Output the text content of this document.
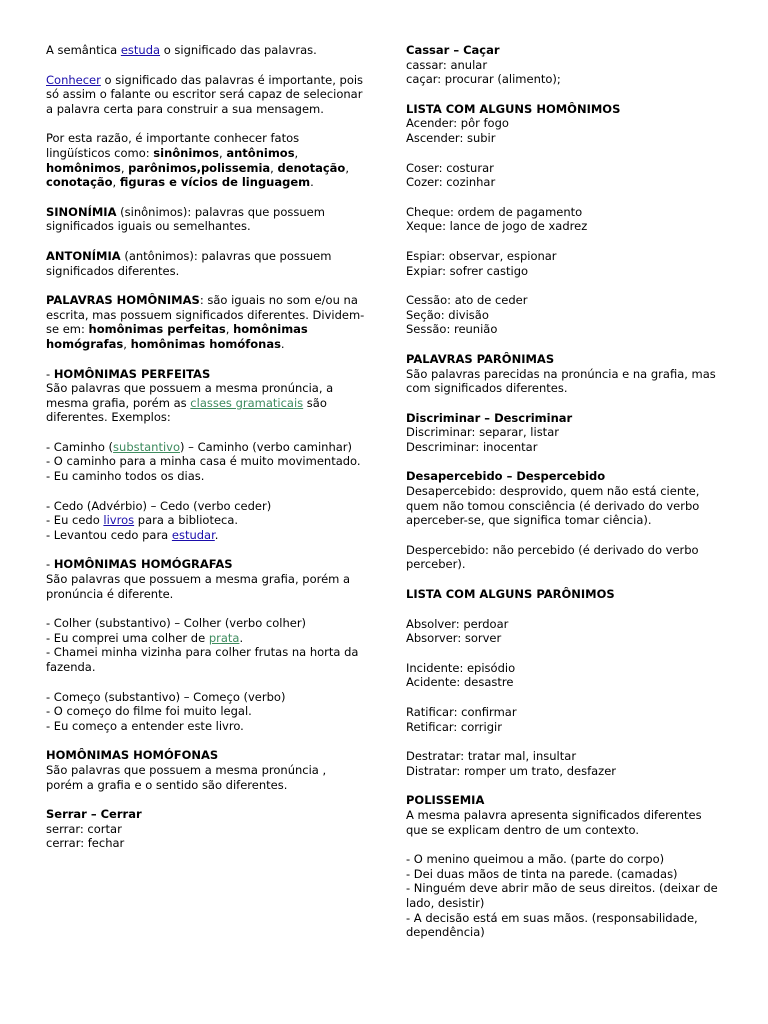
A semântica estuda o significado das palavras.

Conhecer o significado das palavras é importante, pois só assim o falante ou escritor será capaz de selecionar a palavra certa para construir a sua mensagem.

Por esta razão, é importante conhecer fatos lingüísticos como: sinônimos, antônimos, homônimos, parônimos,polissemia, denotação, conotação, figuras e vícios de linguagem.

SINONÍMIA (sinônimos): palavras que possuem significados iguais ou semelhantes.

ANTONÍMIA (antônimos): palavras que possuem significados diferentes.

PALAVRAS HOMÔNIMAS: são iguais no som e/ou na escrita, mas possuem significados diferentes. Dividem-se em: homônimas perfeitas, homônimas homógrafas, homônimas homófonas.

- HOMÔNIMAS PERFEITAS
São palavras que possuem a mesma pronúncia, a mesma grafia, porém as classes gramaticais são diferentes. Exemplos:

- Caminho (substantivo) – Caminho (verbo caminhar)
- O caminho para a minha casa é muito movimentado.
- Eu caminho todos os dias.

- Cedo (Advérbio) – Cedo (verbo ceder)
- Eu cedo livros para a biblioteca.
- Levantou cedo para estudar.

- HOMÔNIMAS HOMÓGRAFAS
São palavras que possuem a mesma grafia, porém a pronúncia é diferente.

- Colher (substantivo) – Colher (verbo colher)
- Eu comprei uma colher de prata.
- Chamei minha vizinha para colher frutas na horta da fazenda.

- Começo (substantivo) – Começo (verbo)
- O começo do filme foi muito legal.
- Eu começo a entender este livro.

HOMÔNIMAS HOMÓFONAS
São palavras que possuem a mesma pronúncia , porém a grafia e o sentido são diferentes.

Serrar – Cerrar
serrar: cortar
cerrar: fechar

Cassar – Caçar
cassar: anular
caçar: procurar (alimento);

LISTA COM ALGUNS HOMÔNIMOS
Acender: pôr fogo
Ascender: subir

Coser: costurar
Cozer: cozinhar

Cheque: ordem de pagamento
Xeque: lance de jogo de xadrez

Espiar: observar, espionar
Expiar: sofrer castigo

Cessão: ato de ceder
Seção: divisão
Sessão: reunião

PALAVRAS PARÔNIMAS
São palavras parecidas na pronúncia e na grafia, mas com significados diferentes.

Discriminar – Descriminar
Discriminar: separar, listar
Descriminar: inocentar

Desapercebido – Despercebido
Desapercebido: desprovido, quem não está ciente, quem não tomou consciência (é derivado do verbo aperceber-se, que significa tomar ciência).

Despercebido: não percebido (é derivado do verbo perceber).

LISTA COM ALGUNS PARÔNIMOS

Absolver: perdoar
Absorver: sorver

Incidente: episódio
Acidente: desastre

Ratificar: confirmar
Retificar: corrigir

Destratar: tratar mal, insultar
Distratar: romper um trato, desfazer

POLISSEMIA
A mesma palavra apresenta significados diferentes que se explicam dentro de um contexto.

- O menino queimou a mão. (parte do corpo)
- Dei duas mãos de tinta na parede. (camadas)
- Ninguém deve abrir mão de seus direitos. (deixar de lado, desistir)
- A decisão está em suas mãos. (responsabilidade, dependência)
